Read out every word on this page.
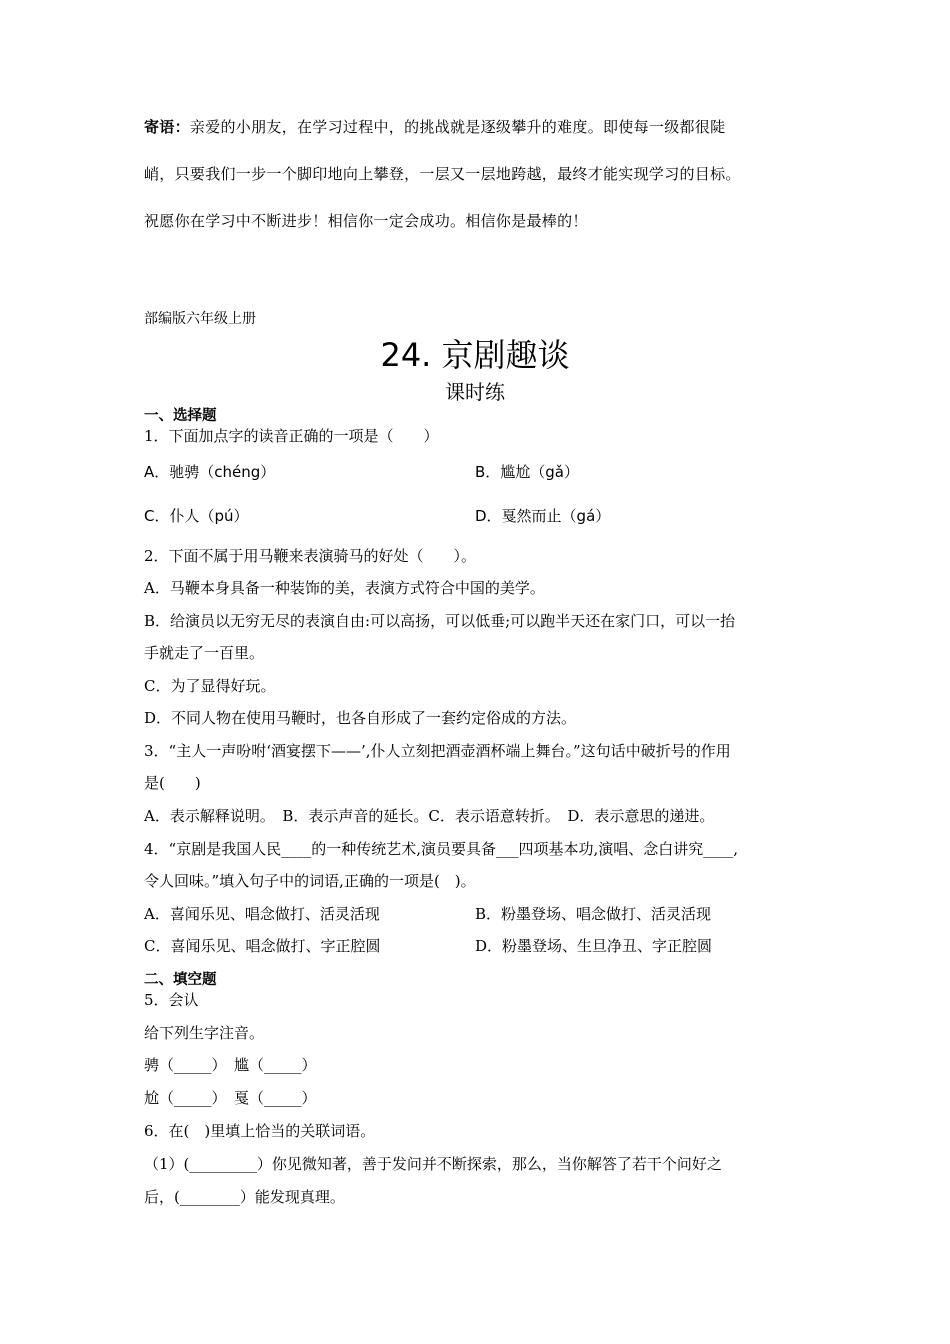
寄语：亲爱的小朋友，在学习过程中，的挑战就是逐级攀升的难度。即使每一级都很陡
峭，只要我们一步一个脚印地向上攀登，一层又一层地跨越，最终才能实现学习的目标。
祝愿你在学习中不断进步！相信你一定会成功。相信你是最棒的！
部编版六年级上册
24. 京剧趣谈
课时练
一、选择题
1．下面加点字的读音正确的一项是（　　）
A．驰骋（chéng）	B．尴尬（gǎ）
C．仆人（pú）	D．戛然而止（gá）
2．下面不属于用马鞭来表演骑马的好处（　　）。
A．马鞭本身具备一种装饰的美，表演方式符合中国的美学。
B．给演员以无穷无尽的表演自由:可以高扬，可以低垂;可以跑半天还在家门口，可以一抬
手就走了一百里。
C．为了显得好玩。
D．不同人物在使用马鞭时，也各自形成了一套约定俗成的方法。
3．“主人一声吩咐‘酒宴摆下——’,仆人立刻把酒壶酒杯端上舞台。”这句话中破折号的作用
是(　　)
A．表示解释说明。　B．表示声音的延长。C．表示语意转折。　D．表示意思的递进。
4．“京剧是我国人民____的一种传统艺术,演员要具备___四项基本功,演唱、念白讲究____,
令人回味。”填入句子中的词语,正确的一项是(　)。
A．喜闻乐见、唱念做打、活灵活现	B．粉墨登场、唱念做打、活灵活现
C．喜闻乐见、唱念做打、字正腔圆	D．粉墨登场、生旦净丑、字正腔圆
二、填空题
5．会认
给下列生字注音。
骋（_____）　尴（_____）
尬（_____）　戛（_____）
6．在(　)里填上恰当的关联词语。
（1）(_________）你见微知著，善于发问并不断探索，那么，当你解答了若干个问好之
后，(________）能发现真理。
